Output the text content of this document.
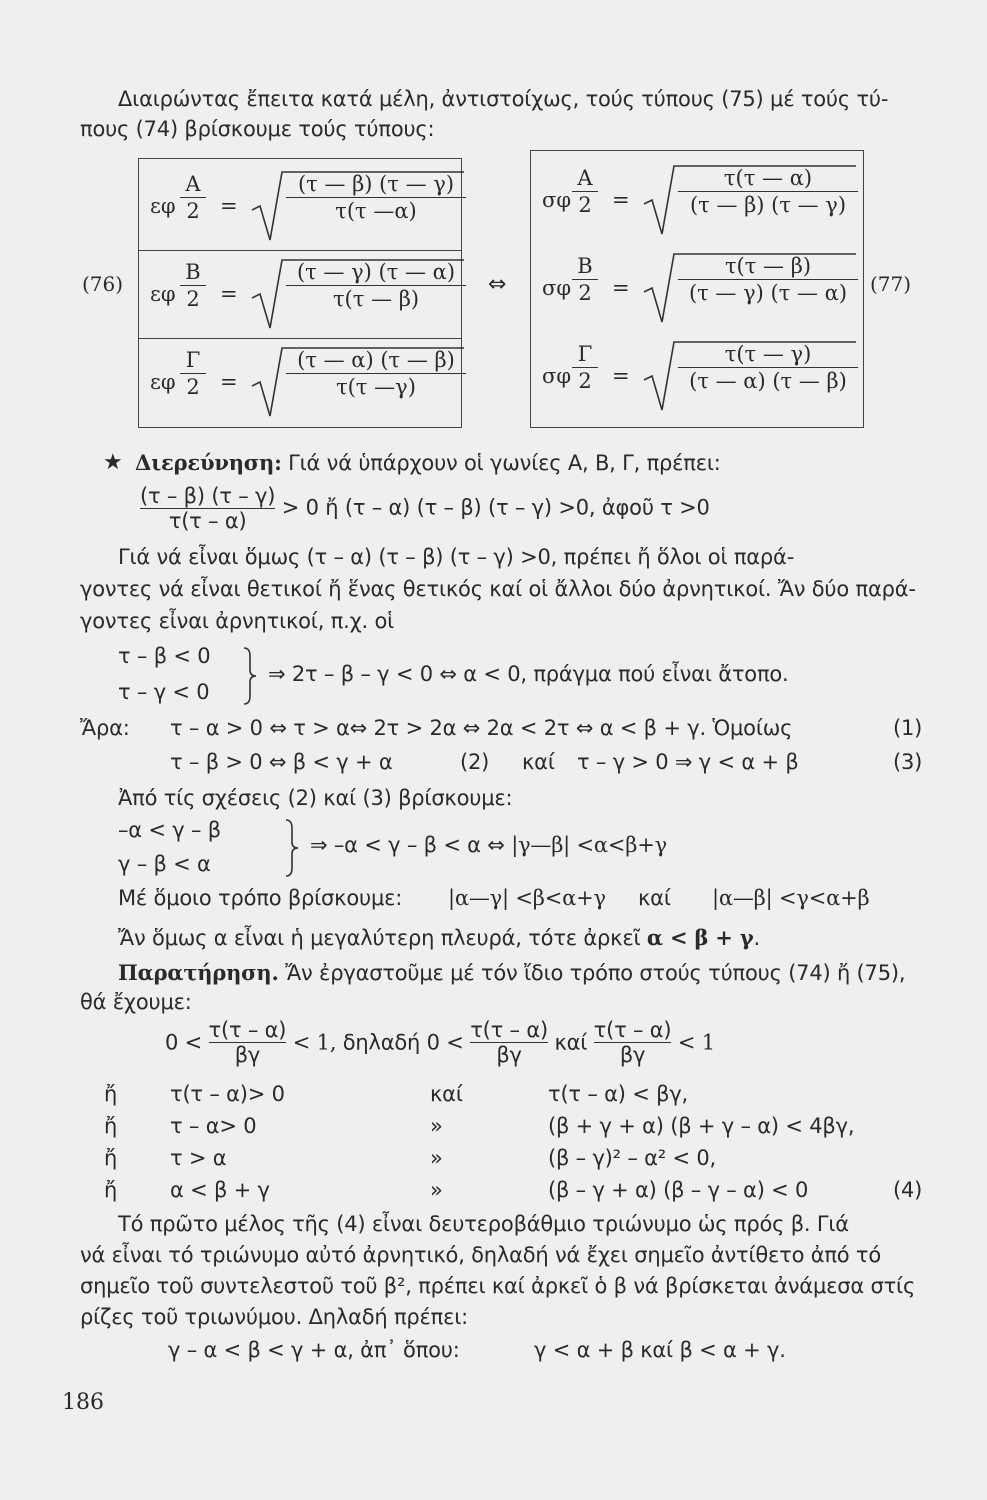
Διαιρώντας ἔπειτα κατά μέλη, ἀντιστοίχως, τούς τύπους (75) μέ τούς τύ-
πους (74) βρίσκουμε τούς τύπους:
(76)	(77)
⇔
εφ
Α
2 =
(τ — β) (τ — γ)
τ(τ —α)
εφ
Β
2 =
(τ — γ) (τ — α)
τ(τ — β)
εφ
Γ
2 =
(τ — α) (τ — β)
τ(τ —γ)
σφ
Α
2 =
τ(τ — α)
(τ — β) (τ — γ)
σφ
Β
2 =
τ(τ — β)
(τ — γ) (τ — α)
σφ
Γ
2 =
τ(τ — γ)
(τ — α) (τ — β)
★ Διερεύνηση: Γιά νά ὑπάρχουν οἱ γωνίες Α, Β, Γ, πρέπει:
$\frac{(\tau - \beta) (\tau - \gamma)}{\tau(\tau - \alpha)} > 0$ ἤ (τ – α) (τ – β) (τ – γ) >0, ἀφοῦ τ >0
Γιά νά εἶναι ὅμως (τ – α) (τ – β) (τ – γ) >0, πρέπει ἤ ὅλοι οἱ παρά-
γοντες νά εἶναι θετικοί ἤ ἕνας θετικός καί οἱ ἄλλοι δύο ἀρνητικοί. Ἄν δύο παρά-
γοντες εἶναι ἀρνητικοί, π.χ. οἱ
τ – β < 0
τ – γ < 0
⇒ 2τ – β – γ < 0 ⇔ α < 0, πράγμα πού εἶναι ἄτοπο.
Ἄρα: τ – α > 0 ⇔ τ > α⇔ 2τ > 2α ⇔ 2α < 2τ ⇔ α < β + γ. Ὁμοίως	(1)
τ – β > 0 ⇔ β < γ + α	(2) καί τ – γ > 0 ⇒ γ < α + β	(3)
Ἀπό τίς σχέσεις (2) καί (3) βρίσκουμε:
–α < γ – β
γ – β < α
⇒ –α < γ – β < α ⇔ |γ—β| <α<β+γ
Μέ ὅμοιο τρόπο βρίσκουμε: |α—γ| <β<α+γ καί |α—β| <γ<α+β
Ἄν ὅμως α εἶναι ἡ μεγαλύτερη πλευρά, τότε ἀρκεῖ α < β + γ.
Παρατήρηση. Ἄν ἐργαστοῦμε μέ τόν ἴδιο τρόπο στούς τύπους (74) ἤ (75),
θά ἔχουμε:
$0 < \frac{\tau(\tau - \alpha)}{\beta\gamma} < 1$, δηλαδή $0 < \frac{\tau(\tau - \alpha)}{\beta\gamma}$ καί $\frac{\tau(\tau - \alpha)}{\beta\gamma} < 1$
ἤ	τ(τ – α)> 0	καί	τ(τ – α) < βγ,
ἤ	τ – α> 0	»	(β + γ + α) (β + γ – α) < 4βγ,
ἤ	τ > α	»	(β – γ)² – α² < 0,
ἤ	α < β + γ	»	(β – γ + α) (β – γ – α) < 0	(4)
Τό πρῶτο μέλος τῆς (4) εἶναι δευτεροβάθμιο τριώνυμο ὡς πρός β. Γιά
νά εἶναι τό τριώνυμο αὐτό ἀρνητικό, δηλαδή νά ἔχει σημεῖο ἀντίθετο ἀπό τό
σημεῖο τοῦ συντελεστοῦ τοῦ β², πρέπει καί ἀρκεῖ ὁ β νά βρίσκεται ἀνάμεσα στίς
ρίζες τοῦ τριωνύμου. Δηλαδή πρέπει:
γ – α < β < γ + α, ἀπ᾽ ὅπου:	γ < α + β καί β < α + γ.
186
